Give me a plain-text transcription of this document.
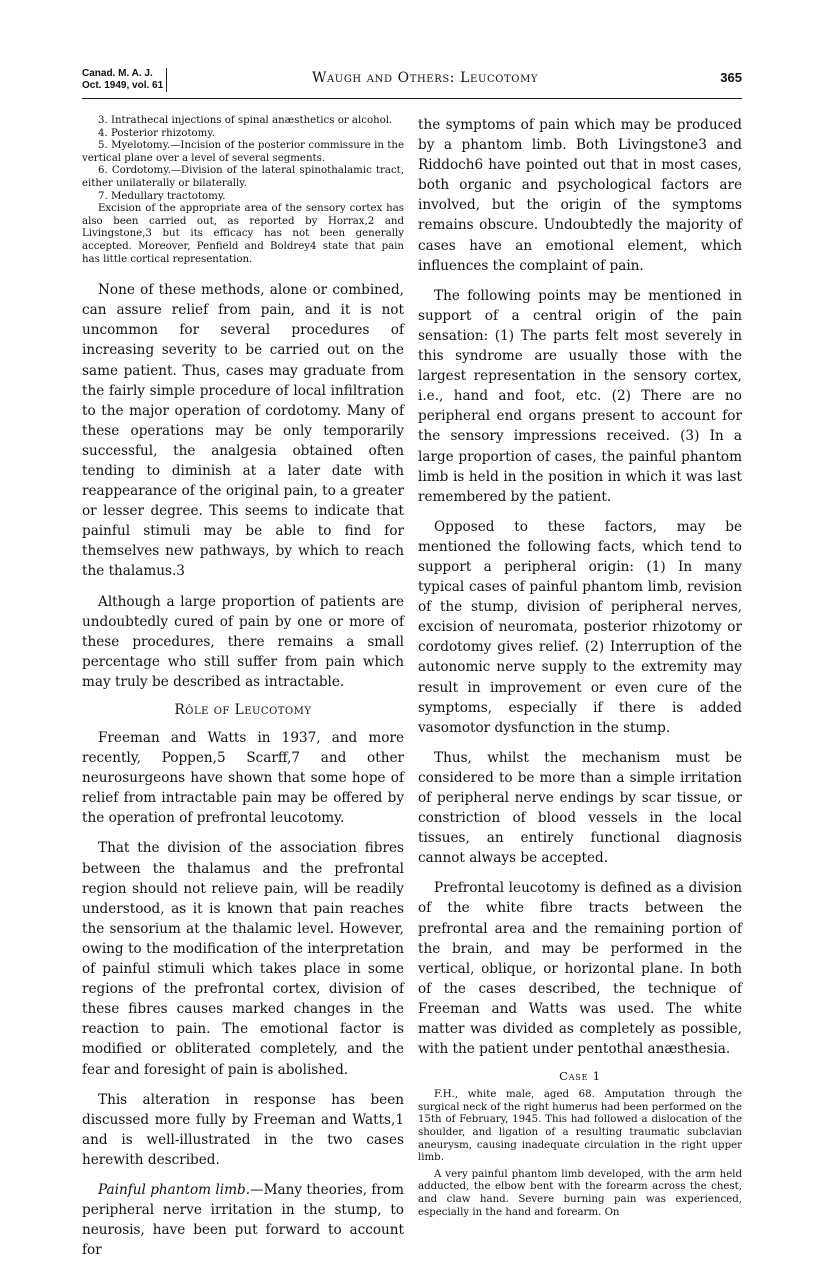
Canad. M. A. J.
Oct. 1949, vol. 61	Waugh and Others: Leucotomy	365

3. Intrathecal injections of spinal anæsthetics or alcohol.

4. Posterior rhizotomy.

5. Myelotomy.—Incision of the posterior commissure in the vertical plane over a level of several segments.

6. Cordotomy.—Division of the lateral spinothalamic tract, either unilaterally or bilaterally.

7. Medullary tractotomy.

Excision of the appropriate area of the sensory cortex has also been carried out, as reported by Horrax,2 and Livingstone,3 but its efficacy has not been generally accepted. Moreover, Penfield and Boldrey4 state that pain has little cortical representation.

None of these methods, alone or combined, can assure relief from pain, and it is not uncommon for several procedures of increasing severity to be carried out on the same patient. Thus, cases may graduate from the fairly simple procedure of local infiltration to the major operation of cordotomy. Many of these operations may be only temporarily successful, the analgesia obtained often tending to diminish at a later date with reappearance of the original pain, to a greater or lesser degree. This seems to indicate that painful stimuli may be able to find for themselves new pathways, by which to reach the thalamus.3

Although a large proportion of patients are undoubtedly cured of pain by one or more of these procedures, there remains a small percentage who still suffer from pain which may truly be described as intractable.

Rôle of Leucotomy

Freeman and Watts in 1937, and more recently, Poppen,5 Scarff,7 and other neurosurgeons have shown that some hope of relief from intractable pain may be offered by the operation of prefrontal leucotomy.

That the division of the association fibres between the thalamus and the prefrontal region should not relieve pain, will be readily understood, as it is known that pain reaches the sensorium at the thalamic level. However, owing to the modification of the interpretation of painful stimuli which takes place in some regions of the prefrontal cortex, division of these fibres causes marked changes in the reaction to pain. The emotional factor is modified or obliterated completely, and the fear and foresight of pain is abolished.

This alteration in response has been discussed more fully by Freeman and Watts,1 and is well-illustrated in the two cases herewith described.

Painful phantom limb.—Many theories, from peripheral nerve irritation in the stump, to neurosis, have been put forward to account for

the symptoms of pain which may be produced by a phantom limb. Both Livingstone3 and Riddoch6 have pointed out that in most cases, both organic and psychological factors are involved, but the origin of the symptoms remains obscure. Undoubtedly the majority of cases have an emotional element, which influences the complaint of pain.

The following points may be mentioned in support of a central origin of the pain sensation: (1) The parts felt most severely in this syndrome are usually those with the largest representation in the sensory cortex, i.e., hand and foot, etc. (2) There are no peripheral end organs present to account for the sensory impressions received. (3) In a large proportion of cases, the painful phantom limb is held in the position in which it was last remembered by the patient.

Opposed to these factors, may be mentioned the following facts, which tend to support a peripheral origin: (1) In many typical cases of painful phantom limb, revision of the stump, division of peripheral nerves, excision of neuromata, posterior rhizotomy or cordotomy gives relief. (2) Interruption of the autonomic nerve supply to the extremity may result in improvement or even cure of the symptoms, especially if there is added vasomotor dysfunction in the stump.

Thus, whilst the mechanism must be considered to be more than a simple irritation of peripheral nerve endings by scar tissue, or constriction of blood vessels in the local tissues, an entirely functional diagnosis cannot always be accepted.

Prefrontal leucotomy is defined as a division of the white fibre tracts between the prefrontal area and the remaining portion of the brain, and may be performed in the vertical, oblique, or horizontal plane. In both of the cases described, the technique of Freeman and Watts was used. The white matter was divided as completely as possible, with the patient under pentothal anæsthesia.

Case 1

F.H., white male, aged 68. Amputation through the surgical neck of the right humerus had been performed on the 15th of February, 1945. This had followed a dislocation of the shoulder, and ligation of a resulting traumatic subclavian aneurysm, causing inadequate circulation in the right upper limb.

A very painful phantom limb developed, with the arm held adducted, the elbow bent with the forearm across the chest, and claw hand. Severe burning pain was experienced, especially in the hand and forearm. On
